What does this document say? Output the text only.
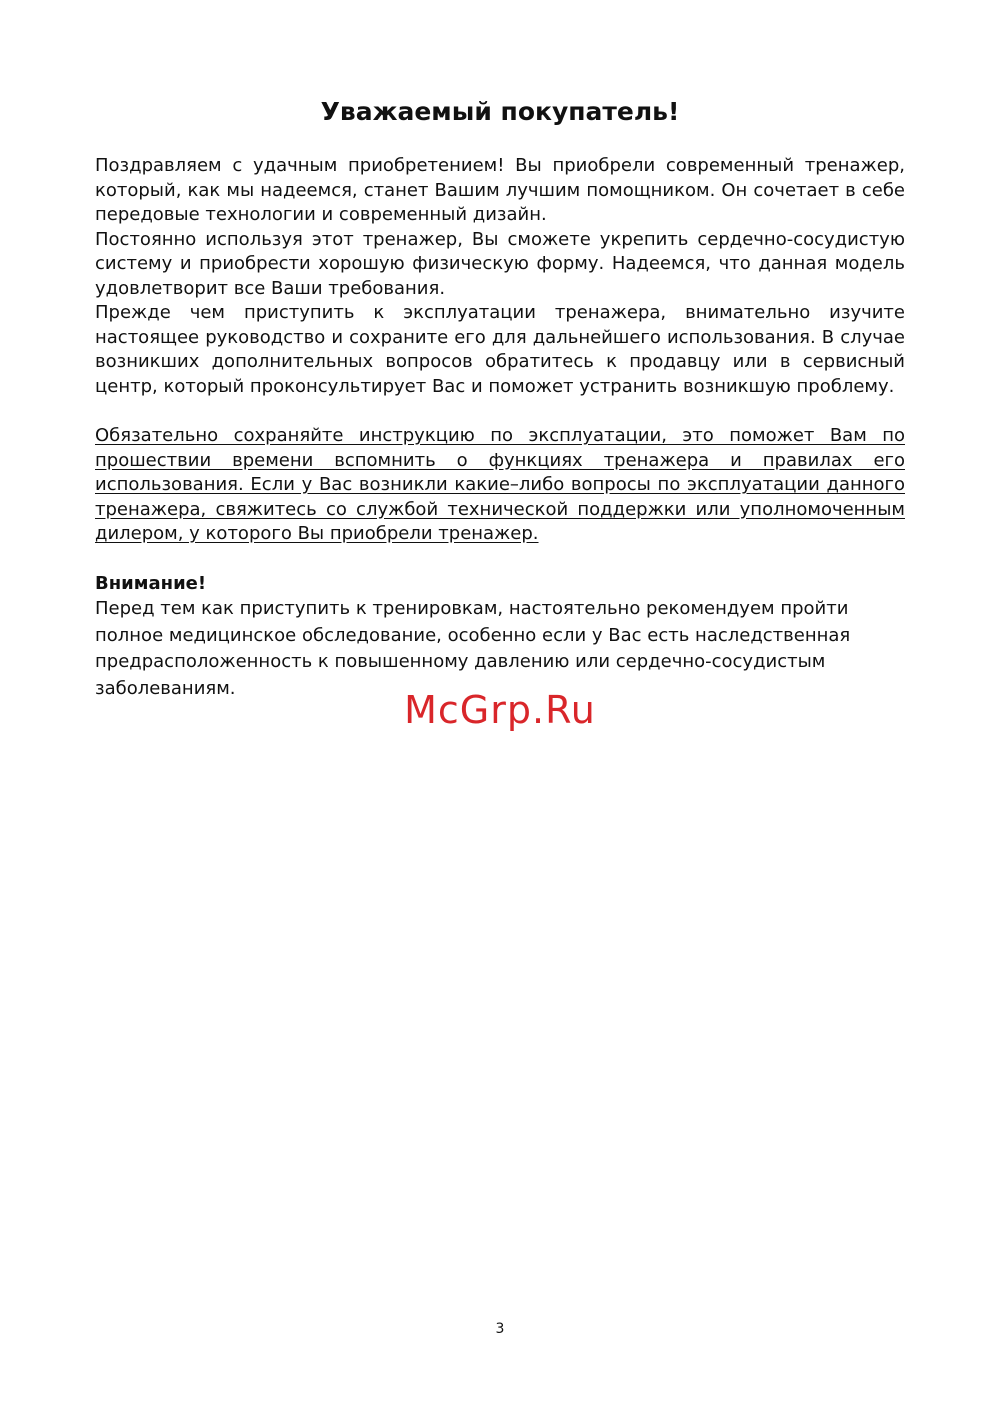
Уважаемый покупатель!

Поздравляем с удачным приобретением! Вы приобрели современный тренажер, который, как мы надеемся, станет Вашим лучшим помощником. Он сочетает в себе передовые технологии и современный дизайн.

Постоянно используя этот тренажер, Вы сможете укрепить сердечно-сосудистую систему и приобрести хорошую физическую форму. Надеемся, что данная модель удовлетворит все Ваши требования.

Прежде чем приступить к эксплуатации тренажера, внимательно изучите настоящее руководство и сохраните его для дальнейшего использования. В случае возникших дополнительных вопросов обратитесь к продавцу или в сервисный центр, который проконсультирует Вас и поможет устранить возникшую проблему.

Обязательно сохраняйте инструкцию по эксплуатации, это поможет Вам по прошествии времени вспомнить о функциях тренажера и правилах его использования. Если у Вас возникли какие–либо вопросы по эксплуатации данного тренажера, свяжитесь со службой технической поддержки или уполномоченным дилером, у которого Вы приобрели тренажер.

Внимание!

Перед тем как приступить к тренировкам, настоятельно рекомендуем пройти полное медицинское обследование, особенно если у Вас есть наследственная предрасположенность к повышенному давлению или сердечно-сосудистым заболеваниям.	McGrp.Ru
3
